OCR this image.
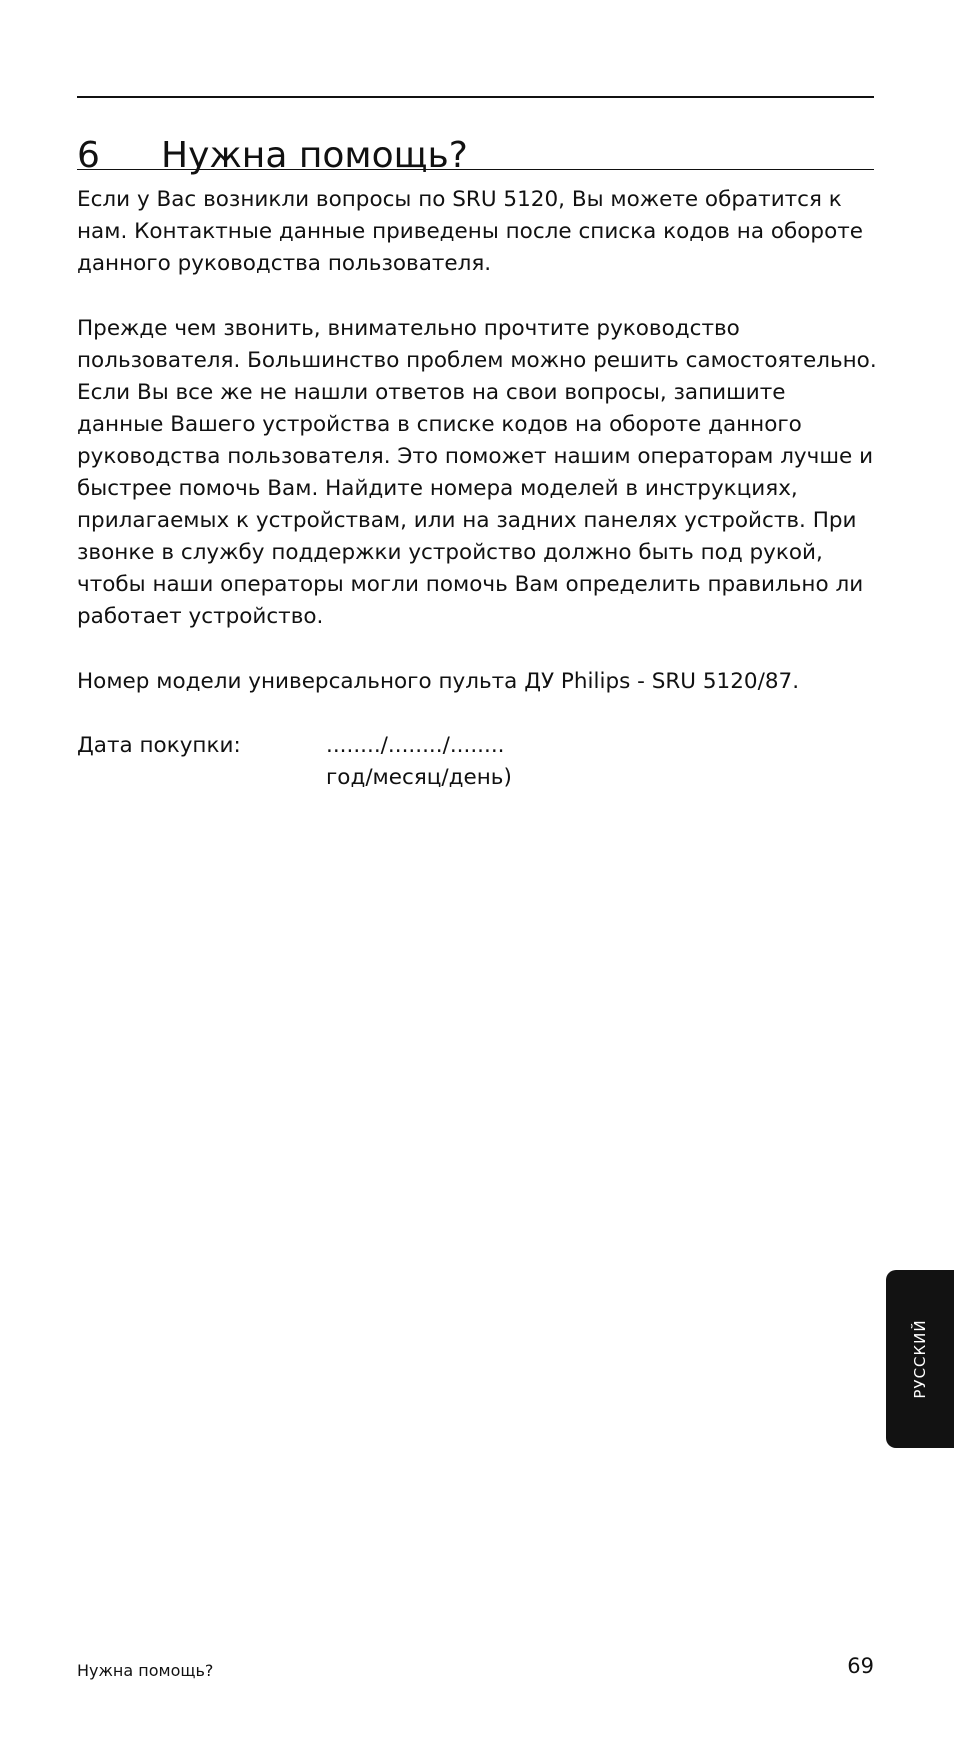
6 Нужна помощь?

Если у Вас возникли вопросы по SRU 5120, Вы можете обратится к нам. Контактные данные приведены после списка кодов на обороте данного руководства пользователя.

Прежде чем звонить, внимательно прочтите руководство пользователя. Большинство проблем можно решить самостоятельно. Если Вы все же не нашли ответов на свои вопросы, запишите данные Вашего устройства в списке кодов на обороте данного руководства пользователя. Это поможет нашим операторам лучше и быстрее помочь Вам. Найдите номера моделей в инструкциях, прилагаемых к устройствам, или на задних панелях устройств. При звонке в службу поддержки устройство должно быть под рукой, чтобы наши операторы могли помочь Вам определить правильно ли работает устройство.

Номер модели универсального пульта ДУ Philips - SRU 5120/87.

Дата покупки:	......../......../........
год/месяц/день)
РУССКИЙ
Нужна помощь?	69
